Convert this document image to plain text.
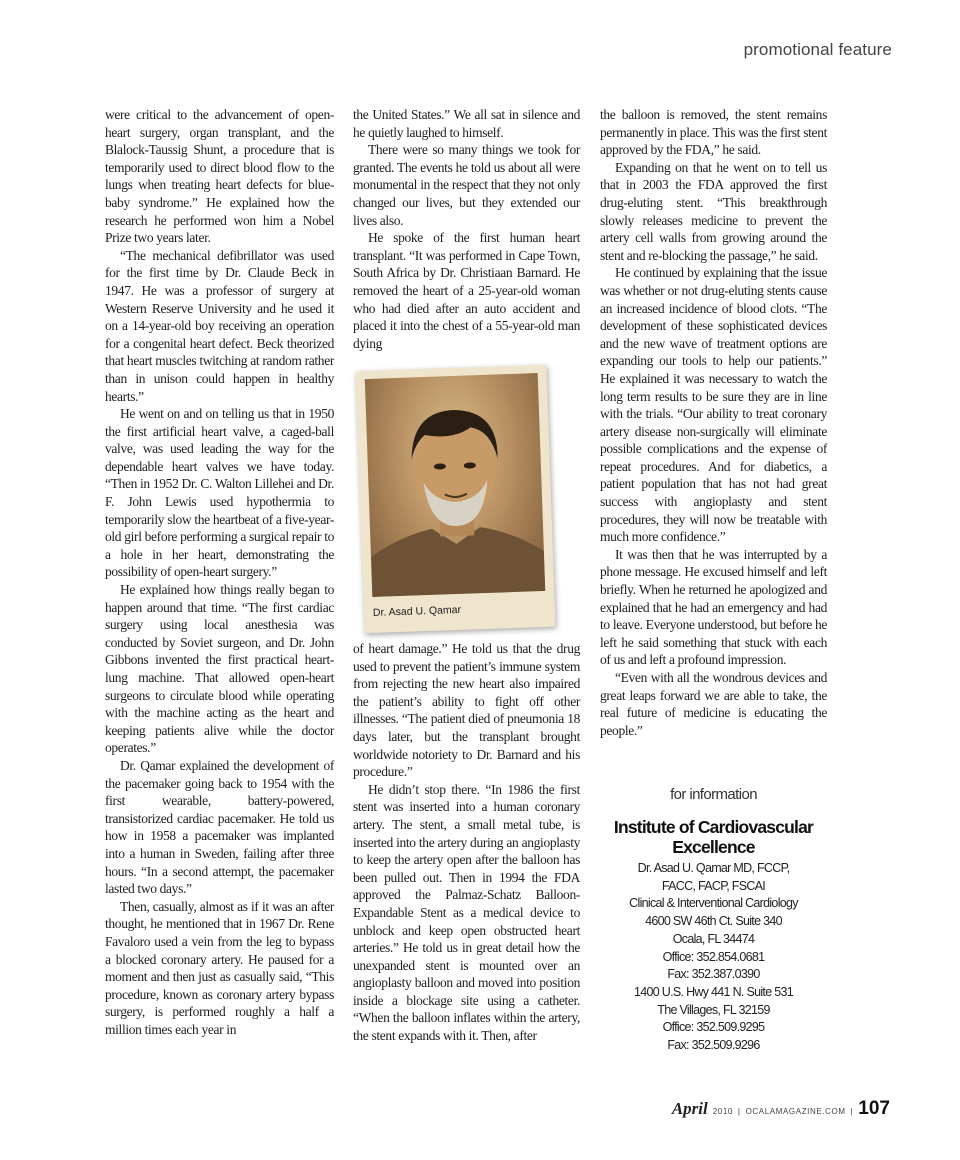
promotional feature

were critical to the advancement of open-heart surgery, organ transplant, and the Blalock-Taussig Shunt, a procedure that is temporarily used to direct blood flow to the lungs when treating heart defects for blue-baby syndrome.” He explained how the research he performed won him a Nobel Prize two years later.

“The mechanical defibrillator was used for the first time by Dr. Claude Beck in 1947. He was a professor of surgery at Western Reserve University and he used it on a 14-year-old boy receiving an operation for a congenital heart defect. Beck theorized that heart muscles twitching at random rather than in unison could happen in healthy hearts.”

He went on and on telling us that in 1950 the first artificial heart valve, a caged-ball valve, was used leading the way for the dependable heart valves we have today. “Then in 1952 Dr. C. Walton Lillehei and Dr. F. John Lewis used hypothermia to temporarily slow the heartbeat of a five-year-old girl before performing a surgical repair to a hole in her heart, demonstrating the possibility of open-heart surgery.”

He explained how things really began to happen around that time. “The first cardiac surgery using local anesthesia was conducted by Soviet surgeon, and Dr. John Gibbons invented the first practical heart-lung machine. That allowed open-heart surgeons to circulate blood while operating with the machine acting as the heart and keeping patients alive while the doctor operates.”

Dr. Qamar explained the development of the pacemaker going back to 1954 with the first wearable, battery-powered, transistorized cardiac pacemaker. He told us how in 1958 a pacemaker was implanted into a human in Sweden, failing after three hours. “In a second attempt, the pacemaker lasted two days.”

Then, casually, almost as if it was an after thought, he mentioned that in 1967 Dr. Rene Favaloro used a vein from the leg to bypass a blocked coronary artery. He paused for a moment and then just as casually said, “This procedure, known as coronary artery bypass surgery, is performed roughly a half a million times each year in

the United States.” We all sat in silence and he quietly laughed to himself.

There were so many things we took for granted. The events he told us about all were monumental in the respect that they not only changed our lives, but they extended our lives also.

He spoke of the first human heart transplant. “It was performed in Cape Town, South Africa by Dr. Christiaan Barnard. He removed the heart of a 25-year-old woman who had died after an auto accident and placed it into the chest of a 55-year-old man dying

Dr. Asad U. Qamar

of heart damage.” He told us that the drug used to prevent the patient’s immune system from rejecting the new heart also impaired the patient’s ability to fight off other illnesses. “The patient died of pneumonia 18 days later, but the transplant brought worldwide notoriety to Dr. Barnard and his procedure.”

He didn’t stop there. “In 1986 the first stent was inserted into a human coronary artery. The stent, a small metal tube, is inserted into the artery during an angioplasty to keep the artery open after the balloon has been pulled out. Then in 1994 the FDA approved the Palmaz-Schatz Balloon-Expandable Stent as a medical device to unblock and keep open obstructed heart arteries.” He told us in great detail how the unexpanded stent is mounted over an angioplasty balloon and moved into position inside a blockage site using a catheter. “When the balloon inflates within the artery, the stent expands with it. Then, after

the balloon is removed, the stent remains permanently in place. This was the first stent approved by the FDA,” he said.

Expanding on that he went on to tell us that in 2003 the FDA approved the first drug-eluting stent. “This breakthrough slowly releases medicine to prevent the artery cell walls from growing around the stent and re-blocking the passage,” he said.

He continued by explaining that the issue was whether or not drug-eluting stents cause an increased incidence of blood clots. “The development of these sophisticated devices and the new wave of treatment options are expanding our tools to help our patients.” He explained it was necessary to watch the long term results to be sure they are in line with the trials. “Our ability to treat coronary artery disease non-surgically will eliminate possible complications and the expense of repeat procedures. And for diabetics, a patient population that has not had great success with angioplasty and stent procedures, they will now be treatable with much more confidence.”

It was then that he was interrupted by a phone message. He excused himself and left briefly. When he returned he apologized and explained that he had an emergency and had to leave. Everyone understood, but before he left he said something that stuck with each of us and left a profound impression.

“Even with all the wondrous devices and great leaps forward we are able to take, the real future of medicine is educating the people.”

for information
Institute of Cardiovascular Excellence
Dr. Asad U. Qamar MD, FCCP,
FACC, FACP, FSCAI
Clinical & Interventional Cardiology
4600 SW 46th Ct. Suite 340
Ocala, FL 34474
Office: 352.854.0681
Fax: 352.387.0390
1400 U.S. Hwy 441 N. Suite 531
The Villages, FL 32159
Office: 352.509.9295
Fax: 352.509.9296
April 2010 | OCALAMAGAZINE.COM | 107
